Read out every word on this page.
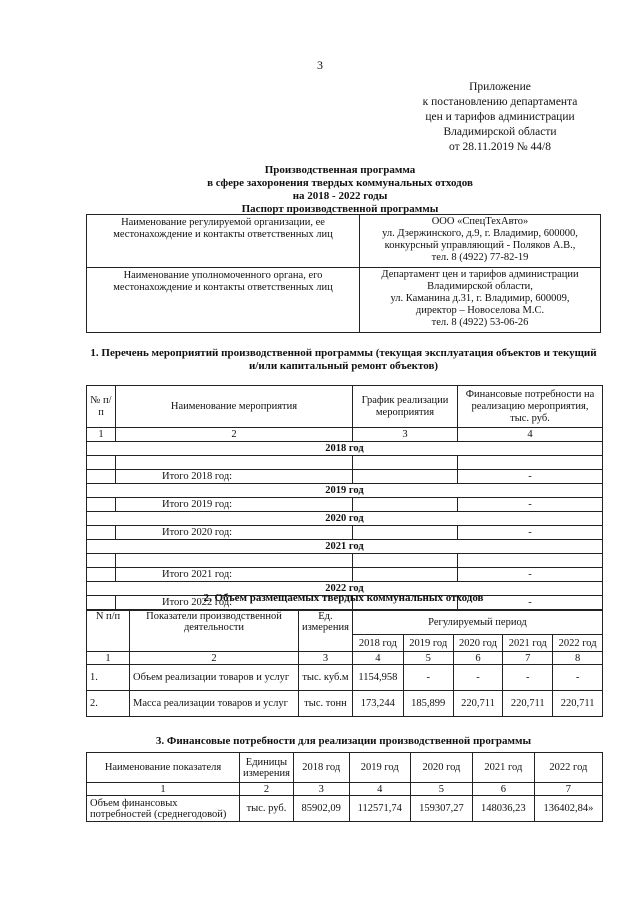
3
Приложение
к постановлению департамента
цен и тарифов администрации
Владимирской области
от 28.11.2019 № 44/8
Производственная программа
в сфере захоронения твердых коммунальных отходов
на 2018 - 2022 годы
Паспорт производственной программы
Наименование регулируемой организации, ее местонахождение и контакты ответственных лиц	ООО «СпецТехАвто»
ул. Дзержинского, д.9, г. Владимир, 600000,
конкурсный управляющий - Поляков А.В.,
тел. 8 (4922) 77-82-19

Наименование уполномоченного органа, его местонахождение и контакты ответственных лиц	Департамент цен и тарифов администрации
Владимирской области,
ул. Каманина д.31, г. Владимир, 600009,
директор – Новоселова М.С.
тел. 8 (4922) 53-06-26
1. Перечень мероприятий производственной программы (текущая эксплуатация объектов и текущий и/или капитальный ремонт объектов)
№ п/п	Наименование мероприятия	График реализации мероприятия	Финансовые потребности на реализацию мероприятия, тыс. руб.
1	2	3	4
2018 год			

	Итого 2018 год:		-
2019 год			
	Итого 2019 год:		-
2020 год			
	Итого 2020 год:		-
2021 год			

	Итого 2021 год:		-
2022 год			
	Итого 2022 год:		-
2. Объем размещаемых твердых коммунальных отходов
N п/п	Показатели производственной деятельности	Ед. измерения	Регулируемый период				
			2018 год	2019 год	2020 год	2021 год	2022 год
1	2	3	4	5	6	7	8
1.	Объем реализации товаров и услуг	тыс. куб.м	1154,958	-	-	-	-
2.	Масса реализации товаров и услуг	тыс. тонн	173,244	185,899	220,711	220,711	220,711
3. Финансовые потребности для реализации производственной программы
Наименование показателя	Единицы измерения	2018 год	2019 год	2020 год	2021 год	2022 год
1	2	3	4	5	6	7
Объем финансовых потребностей (среднегодовой)	тыс. руб.	85902,09	112571,74	159307,27	148036,23	136402,84»
